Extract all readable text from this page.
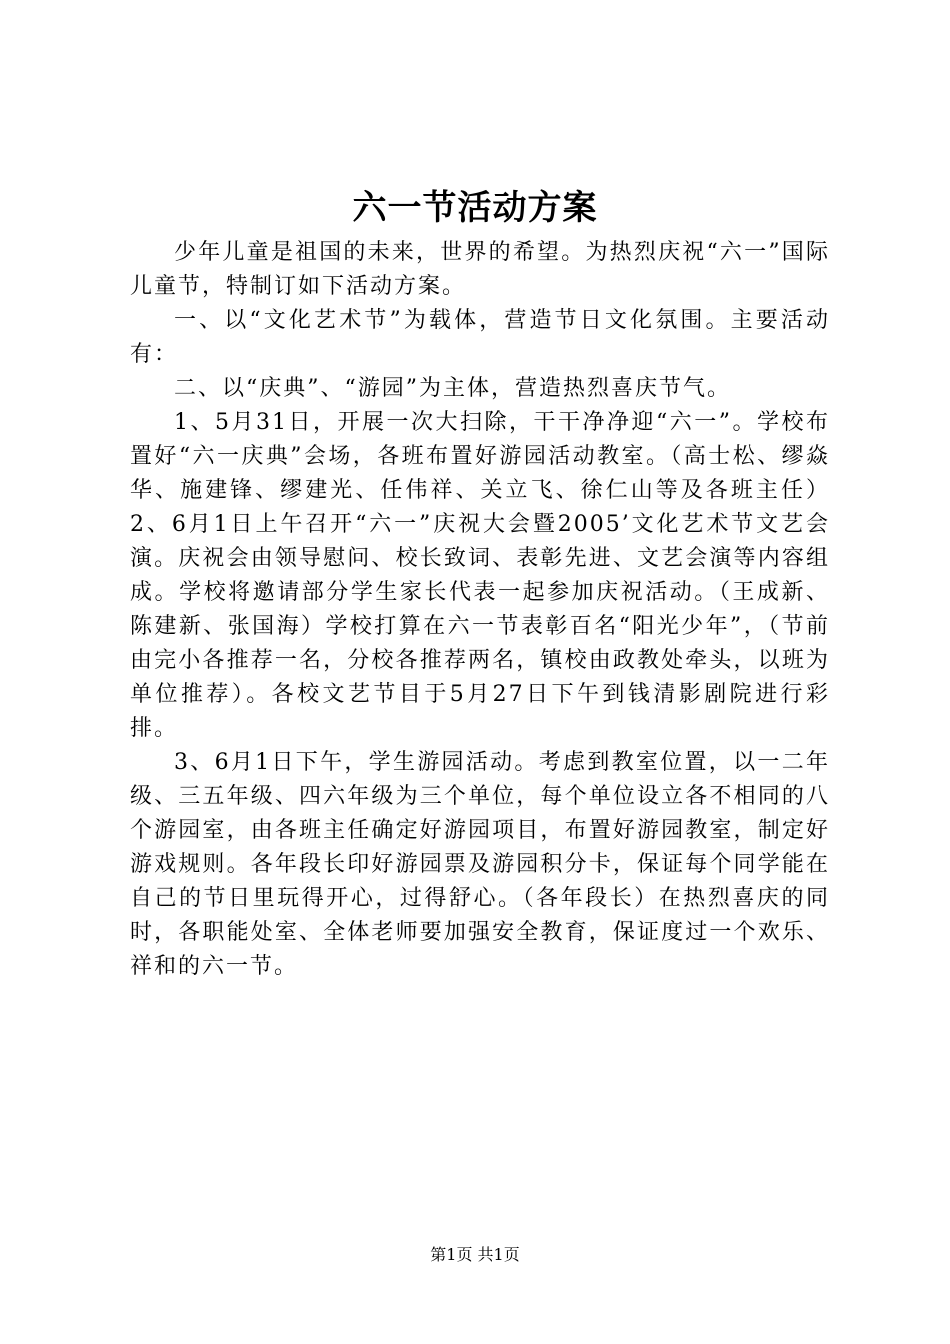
六一节活动方案

少年儿童是祖国的未来，世界的希望。为热烈庆祝“六一”国际儿童节，特制订如下活动方案。

一、以“文化艺术节”为载体，营造节日文化氛围。主要活动有：

二、以“庆典”、“游园”为主体，营造热烈喜庆节气。

1、5月31日，开展一次大扫除，干干净净迎“六一”。学校布置好“六一庆典”会场，各班布置好游园活动教室。（高士松、缪焱华、施建锋、缪建光、任伟祥、关立飞、徐仁山等及各班主任）2、6月1日上午召开“六一”庆祝大会暨2005’文化艺术节文艺会演。庆祝会由领导慰问、校长致词、表彰先进、文艺会演等内容组成。学校将邀请部分学生家长代表一起参加庆祝活动。（王成新、陈建新、张国海）学校打算在六一节表彰百名“阳光少年”，（节前由完小各推荐一名，分校各推荐两名，镇校由政教处牵头，以班为单位推荐）。各校文艺节目于5月27日下午到钱清影剧院进行彩排。

3、6月1日下午，学生游园活动。考虑到教室位置，以一二年级、三五年级、四六年级为三个单位，每个单位设立各不相同的八个游园室，由各班主任确定好游园项目，布置好游园教室，制定好游戏规则。各年段长印好游园票及游园积分卡，保证每个同学能在自己的节日里玩得开心，过得舒心。（各年段长）在热烈喜庆的同时，各职能处室、全体老师要加强安全教育，保证度过一个欢乐、祥和的六一节。

第1页 共1页
